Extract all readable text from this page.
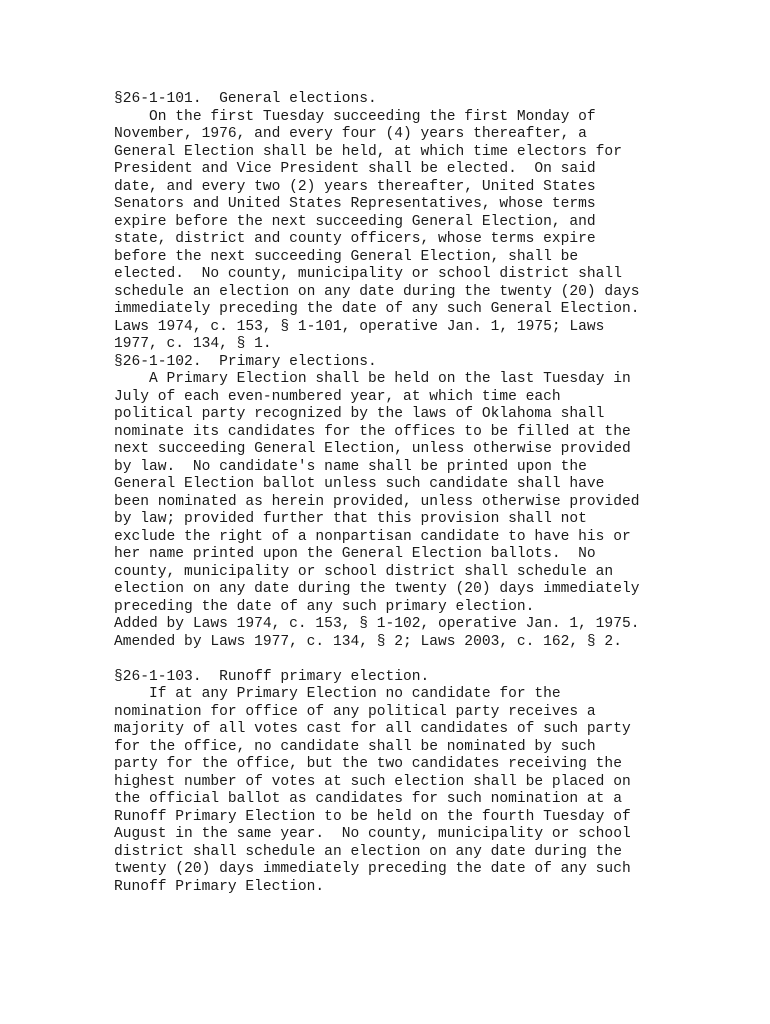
§26-1-101.  General elections.
On the first Tuesday succeeding the first Monday of
November, 1976, and every four (4) years thereafter, a
General Election shall be held, at which time electors for
President and Vice President shall be elected.  On said
date, and every two (2) years thereafter, United States
Senators and United States Representatives, whose terms
expire before the next succeeding General Election, and
state, district and county officers, whose terms expire
before the next succeeding General Election, shall be
elected.  No county, municipality or school district shall
schedule an election on any date during the twenty (20) days
immediately preceding the date of any such General Election.
Laws 1974, c. 153, § 1-101, operative Jan. 1, 1975; Laws
1977, c. 134, § 1.
§26-1-102.  Primary elections.
A Primary Election shall be held on the last Tuesday in
July of each even-numbered year, at which time each
political party recognized by the laws of Oklahoma shall
nominate its candidates for the offices to be filled at the
next succeeding General Election, unless otherwise provided
by law.  No candidate's name shall be printed upon the
General Election ballot unless such candidate shall have
been nominated as herein provided, unless otherwise provided
by law; provided further that this provision shall not
exclude the right of a nonpartisan candidate to have his or
her name printed upon the General Election ballots.  No
county, municipality or school district shall schedule an
election on any date during the twenty (20) days immediately
preceding the date of any such primary election.
Added by Laws 1974, c. 153, § 1-102, operative Jan. 1, 1975.
Amended by Laws 1977, c. 134, § 2; Laws 2003, c. 162, § 2.
§26-1-103.  Runoff primary election.
If at any Primary Election no candidate for the
nomination for office of any political party receives a
majority of all votes cast for all candidates of such party
for the office, no candidate shall be nominated by such
party for the office, but the two candidates receiving the
highest number of votes at such election shall be placed on
the official ballot as candidates for such nomination at a
Runoff Primary Election to be held on the fourth Tuesday of
August in the same year.  No county, municipality or school
district shall schedule an election on any date during the
twenty (20) days immediately preceding the date of any such
Runoff Primary Election.
